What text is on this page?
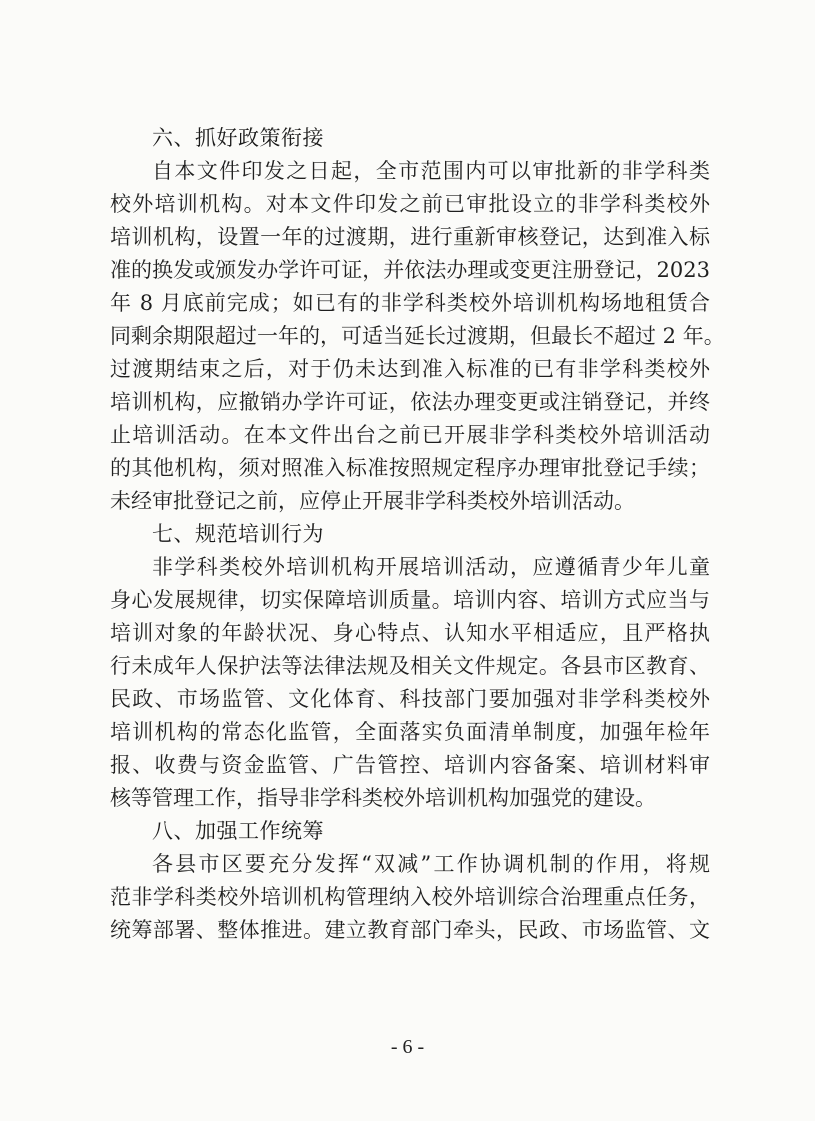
六、抓好政策衔接

自本文件印发之日起，全市范围内可以审批新的非学科类

校外培训机构。对本文件印发之前已审批设立的非学科类校外

培训机构，设置一年的过渡期，进行重新审核登记，达到准入标

准的换发或颁发办学许可证，并依法办理或变更注册登记，2023

年 8 月底前完成；如已有的非学科类校外培训机构场地租赁合

同剩余期限超过一年的，可适当延长过渡期，但最长不超过 2 年。

过渡期结束之后，对于仍未达到准入标准的已有非学科类校外

培训机构，应撤销办学许可证，依法办理变更或注销登记，并终

止培训活动。在本文件出台之前已开展非学科类校外培训活动

的其他机构，须对照准入标准按照规定程序办理审批登记手续；

未经审批登记之前，应停止开展非学科类校外培训活动。

七、规范培训行为

非学科类校外培训机构开展培训活动，应遵循青少年儿童

身心发展规律，切实保障培训质量。培训内容、培训方式应当与

培训对象的年龄状况、身心特点、认知水平相适应，且严格执

行未成年人保护法等法律法规及相关文件规定。各县市区教育、

民政、市场监管、文化体育、科技部门要加强对非学科类校外

培训机构的常态化监管，全面落实负面清单制度，加强年检年

报、收费与资金监管、广告管控、培训内容备案、培训材料审

核等管理工作，指导非学科类校外培训机构加强党的建设。

八、加强工作统筹

各县市区要充分发挥“双减”工作协调机制的作用，将规

范非学科类校外培训机构管理纳入校外培训综合治理重点任务，

统筹部署、整体推进。建立教育部门牵头，民政、市场监管、文

- 6 -
